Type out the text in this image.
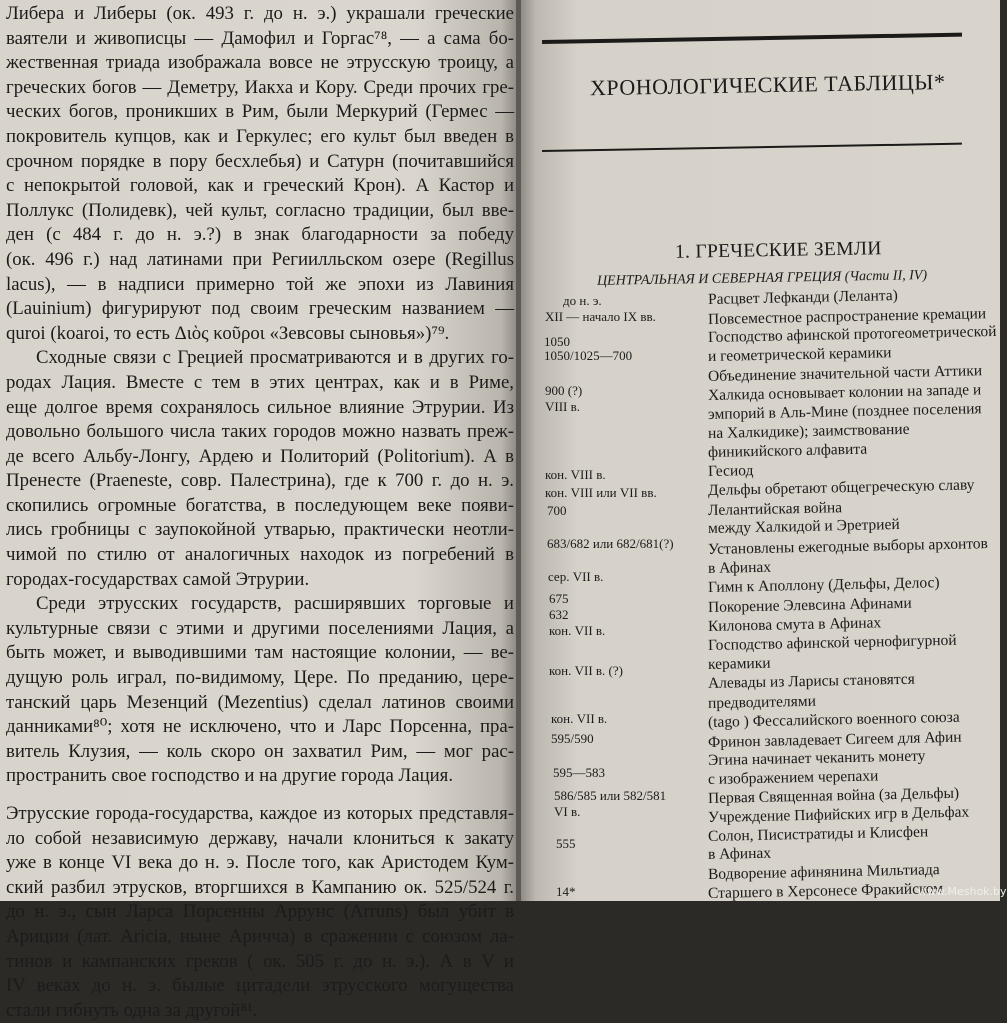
Либера и Либеры (ок. 493 г. до н. э.) украшали греческие
ваятели и живописцы — Дамофил и Горгас⁷⁸, — а сама бо-
жественная триада изображала вовсе не этрусскую троицу, а
греческих богов — Деметру, Иакха и Кору. Среди прочих гре-
ческих богов, проникших в Рим, были Меркурий (Гермес —
покровитель купцов, как и Геркулес; его культ был введен в
срочном порядке в пору бесхлебья) и Сатурн (почитавшийся
с непокрытой головой, как и греческий Крон). А Кастор и
Поллукс (Полидевк), чей культ, согласно традиции, был вве-
ден (с 484 г. до н. э.?) в знак благодарности за победу
(ок. 496 г.) над латинами при Региилльском озере (Regillus
lacus), — в надписи примерно той же эпохи из Лавиния
(Lauinium) фигурируют под своим греческим названием —
qurоі (koaroi, то есть Διὸς κοῦροι «Зевсовы сыновья»)⁷⁹.
Сходные связи с Грецией просматриваются и в других го-
родах Лация. Вместе с тем в этих центрах, как и в Риме,
еще долгое время сохранялось сильное влияние Этрурии. Из
довольно большого числа таких городов можно назвать преж-
де всего Альбу-Лонгу, Ардею и Политорий (Politorium). А в
Пренесте (Praeneste, совр. Палестрина), где к 700 г. до н. э.
скопились огромные богатства, в последующем веке появи-
лись гробницы с заупокойной утварью, практически неотли-
чимой по стилю от аналогичных находок из погребений в
городах-государствах самой Этрурии.
Среди этрусских государств, расширявших торговые и
культурные связи с этими и другими поселениями Лация, а
быть может, и выводившими там настоящие колонии, — ве-
дущую роль играл, по-видимому, Цере. По преданию, цере-
танский царь Мезенций (Mezentius) сделал латинов своими
данниками⁸⁰; хотя не исключено, что и Ларс Порсенна, пра-
витель Клузия, — коль скоро он захватил Рим, — мог рас-
пространить свое господство и на другие города Лация.
Этрусские города-государства, каждое из которых представля-
ло собой независимую державу, начали клониться к закату
уже в конце VI века до н. э. После того, как Аристодем Кум-
ский разбил этрусков, вторгшихся в Кампанию ок. 525/524 г.
до н. э., сын Ларса Порсенны Аррунс (Arruns) был убит в
Ариции (лат. Aricia, ныне Ариччa) в сражении с союзом ла-
тинов и кампанских греков ( ок. 505 г. до н. э.). А в V и
IV веках до н. э. былые цитадели этрусского могущества
стали гибнуть одна за другой⁸¹.
ХРОНОЛОГИЧЕСКИЕ ТАБЛИЦЫ*
1. ГРЕЧЕСКИЕ ЗЕМЛИ
ЦЕНТРАЛЬНАЯ И СЕВЕРНАЯ ГРЕЦИЯ (Части II, IV)
до н. э.
XII — начало IX вв.
1050
1050/1025—700
900 (?)
VIII в.
кон. VIII в.
кон. VIII или VII вв.
700
683/682 или 682/681(?)
сер. VII в.
675
632
кон. VII в.
кон. VII в. (?)
кон. VII в.
595/590
595—583
586/585 или 582/581
VI в.
555
Расцвет Лефканди (Леланта)
Повсеместное распространение кремации
Господство афинской протогеометрической
и геометрической керамики
Объединение значительной части Аттики
Халкида основывает колонии на западе и
эмпорий в Аль-Мине (позднее поселения
на Халкидике); заимствование
финикийского алфавита
Гесиод
Дельфы обретают общегреческую славу
Лелантийская война
между Халкидой и Эретрией
Установлены ежегодные выборы архонтов
в Афинах
Гимн к Аполлону (Дельфы, Делос)
Покорение Элевсина Афинами
Килонова смута в Афинах
Господство афинской чернофигурной
керамики
Алевады из Ларисы становятся
предводителями
(tago ) Фессалийского военного союза
Фринон завладевает Сигеем для Афин
Эгина начинает чеканить монету
с изображением черепахи
Первая Священная война (за Дельфы)
Учреждение Пифийских игр в Дельфах
Солон, Писистратиды и Клисфен
в Афинах
Водворение афинянина Мильтиада
Старшего в Херсонесе Фракийском
14*	www.Meshok.by
